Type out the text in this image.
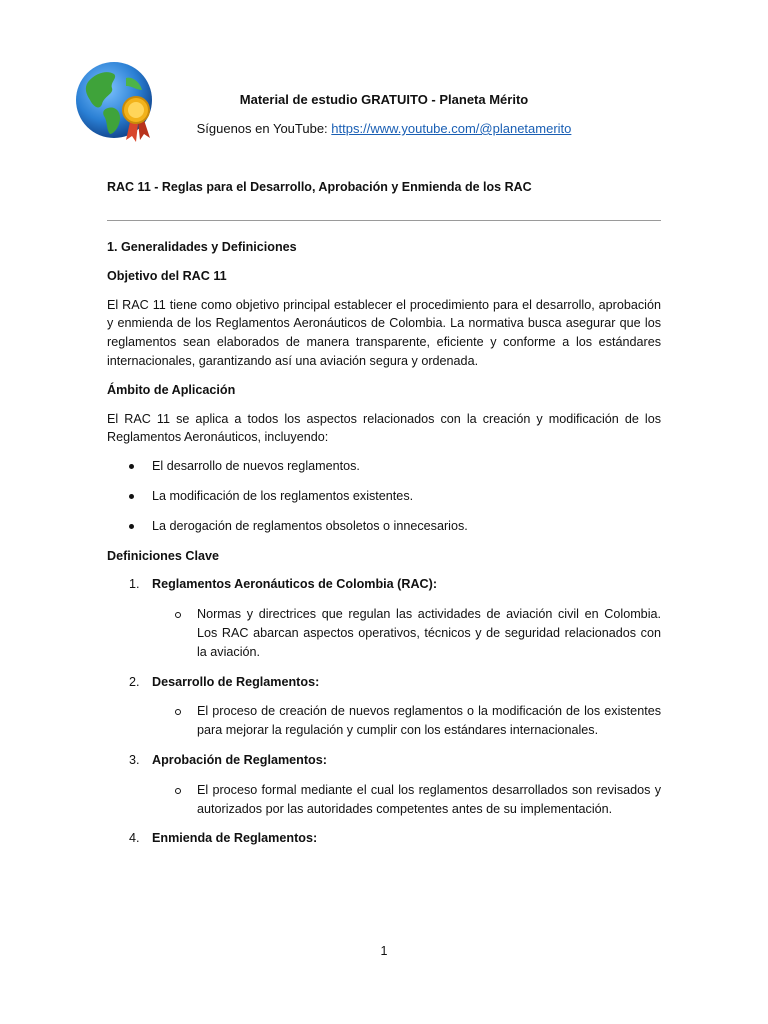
Material de estudio GRATUITO - Planeta Mérito
Síguenos en YouTube: https://www.youtube.com/@planetamerito
RAC 11 - Reglas para el Desarrollo, Aprobación y Enmienda de los RAC
1. Generalidades y Definiciones
Objetivo del RAC 11
El RAC 11 tiene como objetivo principal establecer el procedimiento para el desarrollo, aprobación y enmienda de los Reglamentos Aeronáuticos de Colombia. La normativa busca asegurar que los reglamentos sean elaborados de manera transparente, eficiente y conforme a los estándares internacionales, garantizando así una aviación segura y ordenada.
Ámbito de Aplicación
El RAC 11 se aplica a todos los aspectos relacionados con la creación y modificación de los Reglamentos Aeronáuticos, incluyendo:
El desarrollo de nuevos reglamentos.
La modificación de los reglamentos existentes.
La derogación de reglamentos obsoletos o innecesarios.
Definiciones Clave
1. Reglamentos Aeronáuticos de Colombia (RAC):
Normas y directrices que regulan las actividades de aviación civil en Colombia. Los RAC abarcan aspectos operativos, técnicos y de seguridad relacionados con la aviación.
2. Desarrollo de Reglamentos:
El proceso de creación de nuevos reglamentos o la modificación de los existentes para mejorar la regulación y cumplir con los estándares internacionales.
3. Aprobación de Reglamentos:
El proceso formal mediante el cual los reglamentos desarrollados son revisados y autorizados por las autoridades competentes antes de su implementación.
4. Enmienda de Reglamentos:
1
